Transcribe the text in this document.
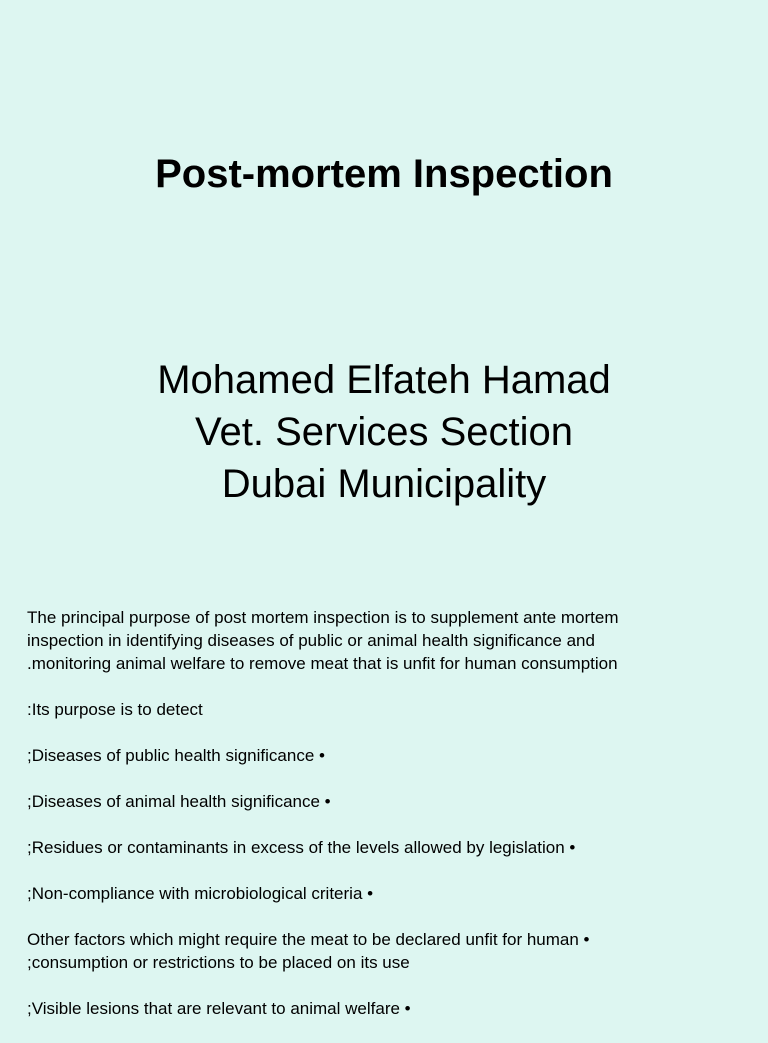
Post-mortem Inspection
Mohamed Elfateh Hamad
Vet. Services Section
Dubai Municipality
The principal purpose of post mortem inspection is to supplement ante mortem
inspection in identifying diseases of public or animal health significance and
.monitoring animal welfare to remove meat that is unfit for human consumption
:Its purpose is to detect
;Diseases of public health significance •
;Diseases of animal health significance •
;Residues or contaminants in excess of the levels allowed by legislation •
;Non-compliance with microbiological criteria •
Other factors which might require the meat to be declared unfit for human •
;consumption or restrictions to be placed on its use
;Visible lesions that are relevant to animal welfare •
